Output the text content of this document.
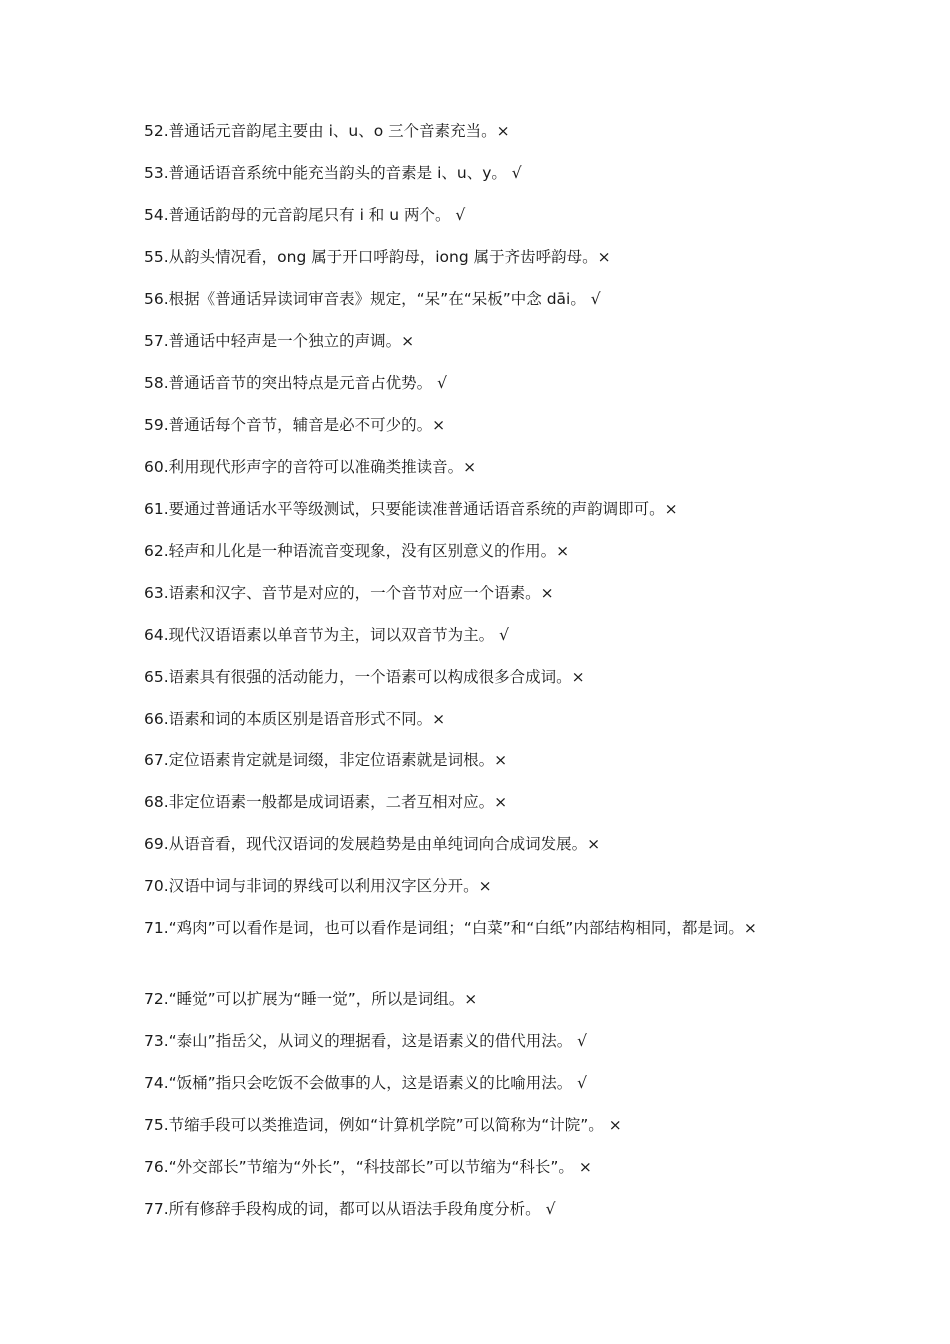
52.普通话元音韵尾主要由 i、u、o 三个音素充当。×
53.普通话语音系统中能充当韵头的音素是 i、u、y。 √
54.普通话韵母的元音韵尾只有 i 和 u 两个。 √
55.从韵头情况看，ong 属于开口呼韵母，iong 属于齐齿呼韵母。×
56.根据《普通话异读词审音表》规定，“呆”在“呆板”中念 dāi。 √
57.普通话中轻声是一个独立的声调。×
58.普通话音节的突出特点是元音占优势。 √
59.普通话每个音节，辅音是必不可少的。×
60.利用现代形声字的音符可以准确类推读音。×
61.要通过普通话水平等级测试，只要能读准普通话语音系统的声韵调即可。×
62.轻声和儿化是一种语流音变现象，没有区别意义的作用。×
63.语素和汉字、音节是对应的，一个音节对应一个语素。×
64.现代汉语语素以单音节为主，词以双音节为主。 √
65.语素具有很强的活动能力，一个语素可以构成很多合成词。×
66.语素和词的本质区别是语音形式不同。×
67.定位语素肯定就是词缀，非定位语素就是词根。×
68.非定位语素一般都是成词语素，二者互相对应。×
69.从语音看，现代汉语词的发展趋势是由单纯词向合成词发展。×
70.汉语中词与非词的界线可以利用汉字区分开。×
71.“鸡肉”可以看作是词，也可以看作是词组；“白菜”和“白纸”内部结构相同，都是词。×
72.“睡觉”可以扩展为“睡一觉”，所以是词组。×
73.“泰山”指岳父，从词义的理据看，这是语素义的借代用法。 √
74.“饭桶”指只会吃饭不会做事的人，这是语素义的比喻用法。 √
75.节缩手段可以类推造词，例如“计算机学院”可以简称为“计院”。 ×
76.“外交部长”节缩为“外长”，“科技部长”可以节缩为“科长”。 ×
77.所有修辞手段构成的词，都可以从语法手段角度分析。 √
